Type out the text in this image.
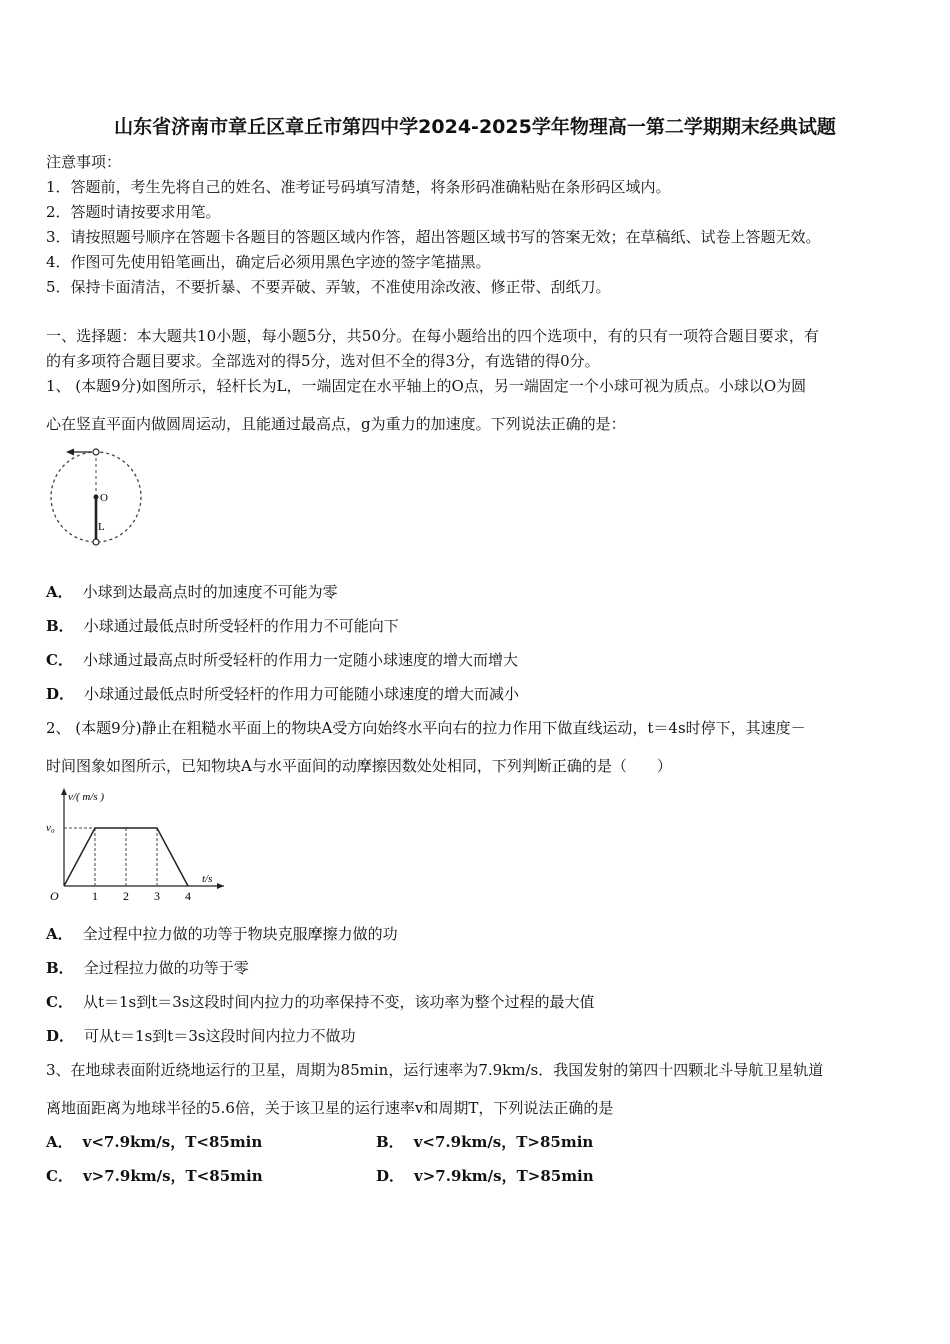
山东省济南市章丘区章丘市第四中学2024-2025学年物理高一第二学期期末经典试题
注意事项：
1．答题前，考生先将自己的姓名、准考证号码填写清楚，将条形码准确粘贴在条形码区域内。
2．答题时请按要求用笔。
3．请按照题号顺序在答题卡各题目的答题区域内作答，超出答题区域书写的答案无效；在草稿纸、试卷上答题无效。
4．作图可先使用铅笔画出，确定后必须用黑色字迹的签字笔描黑。
5．保持卡面清洁，不要折暴、不要弄破、弄皱，不准使用涂改液、修正带、刮纸刀。
一、选择题：本大题共10小题，每小题5分，共50分。在每小题给出的四个选项中，有的只有一项符合题目要求，有
的有多项符合题目要求。全部选对的得5分，选对但不全的得3分，有选错的得0分。
1、 (本题9分)如图所示，轻杆长为L，一端固定在水平轴上的O点，另一端固定一个小球可视为质点。小球以O为圆
心在竖直平面内做圆周运动，且能通过最高点，g为重力的加速度。下列说法正确的是：
O
L
A． 小球到达最高点时的加速度不可能为零
B． 小球通过最低点时所受轻杆的作用力不可能向下
C． 小球通过最高点时所受轻杆的作用力一定随小球速度的增大而增大
D． 小球通过最低点时所受轻杆的作用力可能随小球速度的增大而减小
2、 (本题9分)静止在粗糙水平面上的物块A受方向始终水平向右的拉力作用下做直线运动，t＝4s时停下，其速度－
时间图象如图所示，已知物块A与水平面间的动摩擦因数处处相同，下列判断正确的是（　　）
1 2 3 4
v/( m/s )
t/s
v₀
O
A． 全过程中拉力做的功等于物块克服摩擦力做的功
B． 全过程拉力做的功等于零
C． 从t＝1s到t＝3s这段时间内拉力的功率保持不变，该功率为整个过程的最大值
D． 可从t＝1s到t＝3s这段时间内拉力不做功
3、在地球表面附近绕地运行的卫星，周期为85min，运行速率为7.9km/s．我国发射的第四十四颗北斗导航卫星轨道
离地面距离为地球半径的5.6倍，关于该卫星的运行速率v和周期T，下列说法正确的是
A． v<7.9km/s，T<85min	B． v<7.9km/s，T>85min
C． v>7.9km/s，T<85min	D． v>7.9km/s，T>85min
